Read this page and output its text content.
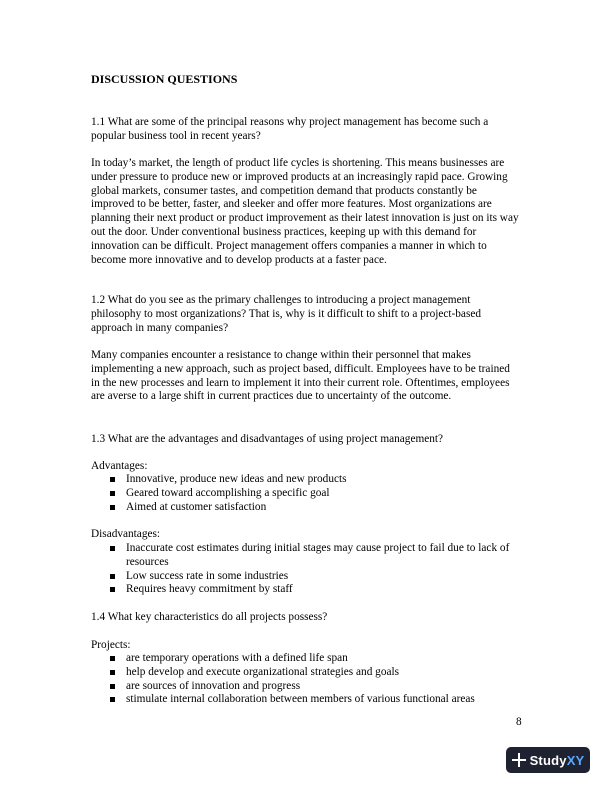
DISCUSSION QUESTIONS

1.1 What are some of the principal reasons why project management has become such a popular business tool in recent years?

In today’s market, the length of product life cycles is shortening. This means businesses are under pressure to produce new or improved products at an increasingly rapid pace. Growing global markets, consumer tastes, and competition demand that products constantly be improved to be better, faster, and sleeker and offer more features. Most organizations are planning their next product or product improvement as their latest innovation is just on its way out the door. Under conventional business practices, keeping up with this demand for innovation can be difficult. Project management offers companies a manner in which to become more innovative and to develop products at a faster pace.

1.2 What do you see as the primary challenges to introducing a project management philosophy to most organizations? That is, why is it difficult to shift to a project-based approach in many companies?

Many companies encounter a resistance to change within their personnel that makes implementing a new approach, such as project based, difficult. Employees have to be trained in the new processes and learn to implement it into their current role. Oftentimes, employees are averse to a large shift in current practices due to uncertainty of the outcome.

1.3 What are the advantages and disadvantages of using project management?

Advantages:
Innovative, produce new ideas and new products
Geared toward accomplishing a specific goal
Aimed at customer satisfaction
Disadvantages:
Inaccurate cost estimates during initial stages may cause project to fail due to lack of resources
Low success rate in some industries
Requires heavy commitment by staff

1.4 What key characteristics do all projects possess?

Projects:
are temporary operations with a defined life span
help develop and execute organizational strategies and goals
are sources of innovation and progress
stimulate internal collaboration between members of various functional areas
8
StudyXY
